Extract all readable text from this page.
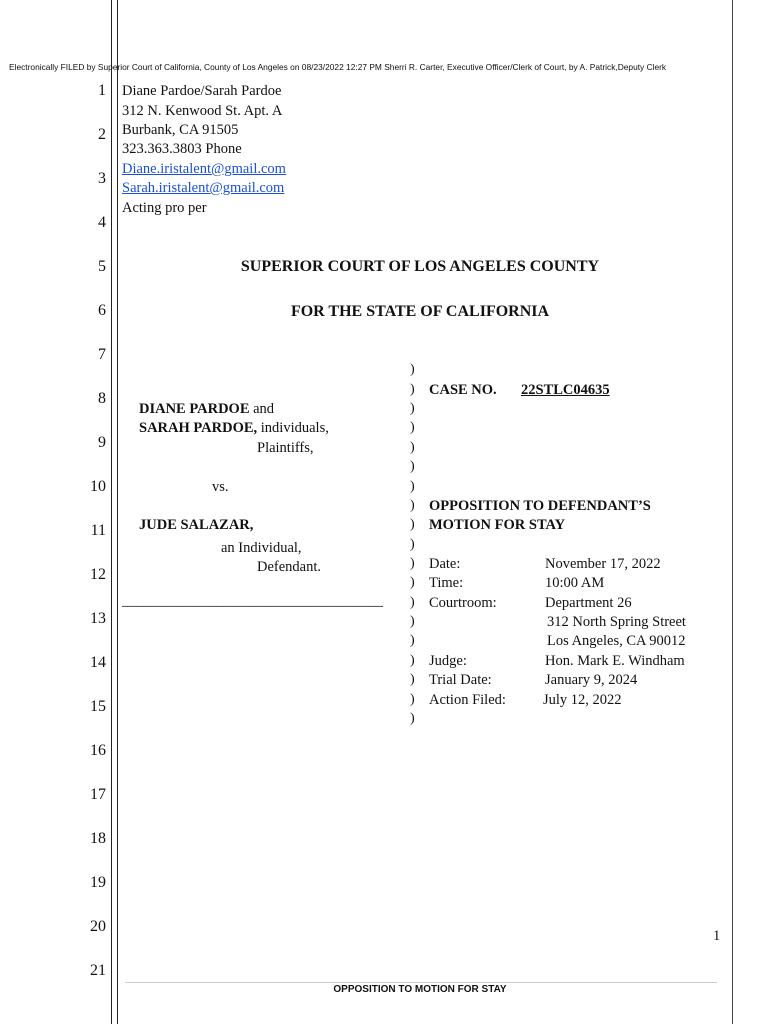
Electronically FILED by Superior Court of California, County of Los Angeles on 08/23/2022 12:27 PM Sherri R. Carter, Executive Officer/Clerk of Court, by A. Patrick,Deputy Clerk
1
2
3
4
5
6
7
8
9
10
11
12
13
14
15
16
17
18
19
20
21
Diane Pardoe/Sarah Pardoe
312 N. Kenwood St. Apt. A
Burbank, CA 91505
323.363.3803 Phone
Diane.iristalent@gmail.com
Sarah.iristalent@gmail.com
Acting pro per
SUPERIOR COURT OF LOS ANGELES COUNTY
FOR THE STATE OF CALIFORNIA
)
)
)
)
)
)
)
)
)
)
)
)
)
)
)
)
)
)
)
DIANE PARDOE and
SARAH PARDOE, individuals,
Plaintiffs,
vs.
JUDE SALAZAR,
an Individual,
Defendant.
____________________________________
CASE NO. 22STLC04635
OPPOSITION TO DEFENDANT’S
MOTION FOR STAY
Date:	November 17, 2022
Time:	10:00 AM
Courtroom:	Department 26
312 North Spring Street
Los Angeles, CA 90012
Judge:	Hon. Mark E. Windham
Trial Date:	January 9, 2024
Action Filed:	July 12, 2022
1
OPPOSITION TO MOTION FOR STAY
